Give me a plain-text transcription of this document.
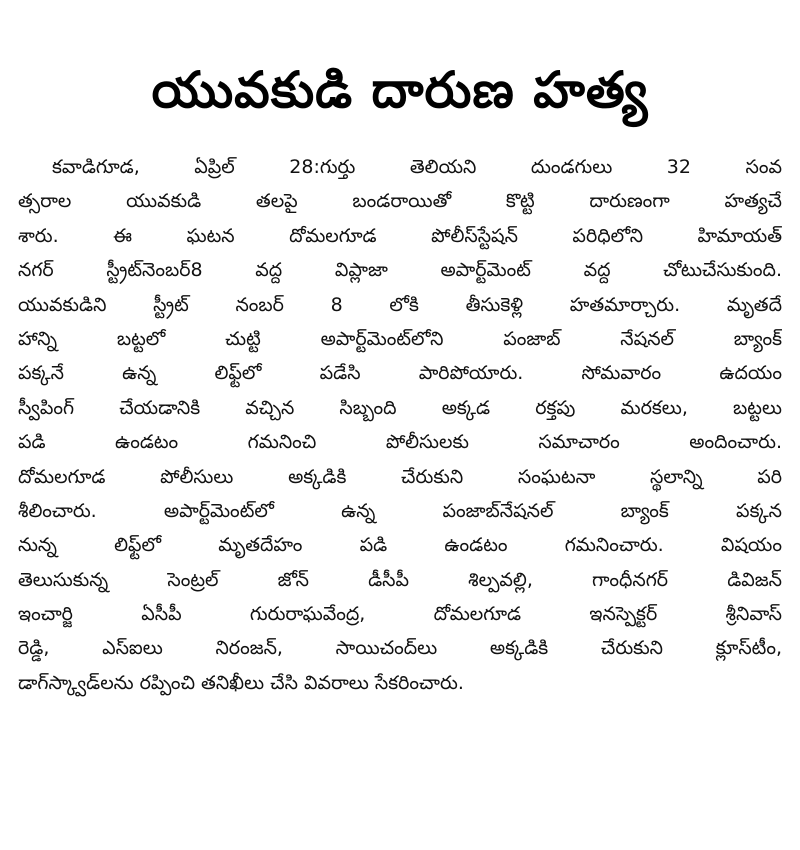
యువకుడి దారుణ హత్య
కవాడిగూడ, ఏప్రిల్ 28:గుర్తు తెలియని దుండగులు 32 సంవ
త్సరాల యువకుడి తలపై బండరాయితో కొట్టి దారుణంగా హత్యచే
శారు. ఈ ఘటన దోమలగూడ పోలీస్‌స్టేషన్ పరిధిలోని హిమాయత్
నగర్ స్ట్రీట్‌నెంబర్8 వద్ద విప్లాజా అపార్ట్‌మెంట్ వద్ద చోటుచేసుకుంది.
యువకుడిని స్ట్రీట్ నంబర్ 8 లోకి తీసుకెళ్లి హతమార్చారు. మృతదే
హాన్ని బట్టలో చుట్టి అపార్ట్‌మెంట్‌లోని పంజాబ్ నేషనల్ బ్యాంక్
పక్కనే ఉన్న లిఫ్ట్‌లో పడేసి పారిపోయారు. సోమవారం ఉదయం
స్వీపింగ్ చేయడానికి వచ్చిన సిబ్బంది అక్కడ రక్తపు మరకలు, బట్టలు
పడి ఉండటం గమనించి పోలీసులకు సమాచారం అందించారు.
దోమలగూడ పోలీసులు అక్కడికి చేరుకుని సంఘటనా స్థలాన్ని పరి
శీలించారు. అపార్ట్‌మెంట్‌లో ఉన్న పంజాబ్‌నేషనల్ బ్యాంక్ పక్కన
నున్న లిఫ్ట్‌లో మృతదేహం పడి ఉండటం గమనించారు. విషయం
తెలుసుకున్న సెంట్రల్ జోన్ డీసీపీ శిల్పవల్లి, గాంధీనగర్ డివిజన్
ఇంచార్జి ఏసీపీ గురురాఘవేంద్ర, దోమలగూడ ఇనస్పెక్టర్ శ్రీనివాస్
రెడ్డి, ఎస్ఐలు నిరంజన్, సాయిచంద్‌లు అక్కడికి చేరుకుని క్లూస్‌టీం,
డాగ్‌స్క్వాడ్‌లను రప్పించి తనిఖీలు చేసి వివరాలు సేకరించారు.
